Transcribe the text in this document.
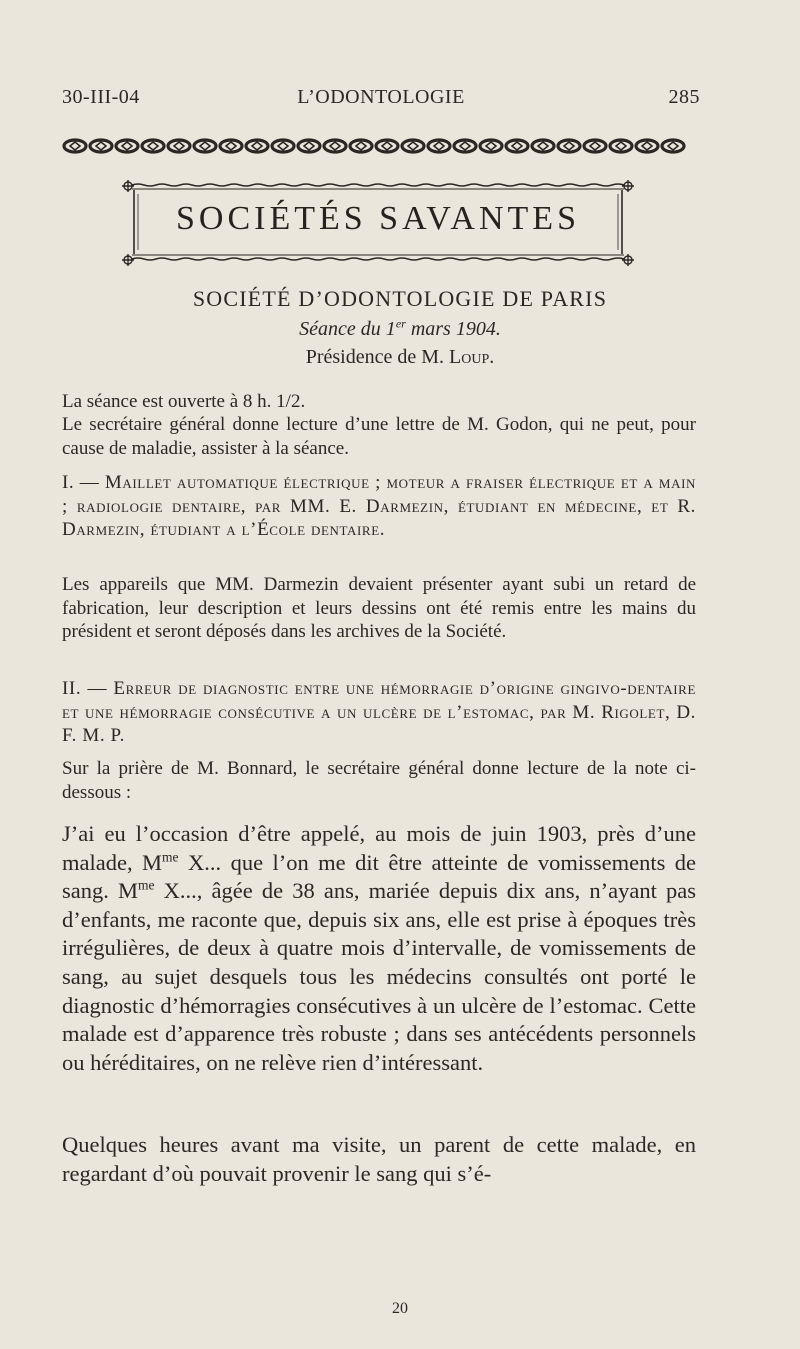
30-III-04	L’ODONTOLOGIE	285
SOCIÉTÉS SAVANTES
SOCIÉTÉ D’ODONTOLOGIE DE PARIS
Séance du 1er mars 1904.
Présidence de M. Loup.

La séance est ouverte à 8 h. 1/2.

Le secrétaire général donne lecture d’une lettre de M. Godon, qui ne peut, pour cause de maladie, assister à la séance.

I. — Maillet automatique électrique ; moteur a fraiser électrique et a main ; radiologie dentaire, par MM. E. Darmezin, étudiant en médecine, et R. Darmezin, étudiant a l’École dentaire.

Les appareils que MM. Darmezin devaient présenter ayant subi un retard de fabrication, leur description et leurs dessins ont été remis entre les mains du président et seront déposés dans les archives de la Société.

II. — Erreur de diagnostic entre une hémorragie d’origine gingivo-dentaire et une hémorragie consécutive a un ulcère de l’estomac, par M. Rigolet, D. F. M. P.

Sur la prière de M. Bonnard, le secrétaire général donne lecture de la note ci-dessous :

J’ai eu l’occasion d’être appelé, au mois de juin 1903, près d’une malade, $M^{me}$ X... que l’on me dit être atteinte de vomissements de sang. $M^{me}$ X..., âgée de 38 ans, mariée depuis dix ans, n’ayant pas d’enfants, me raconte que, depuis six ans, elle est prise à époques très irrégulières, de deux à quatre mois d’intervalle, de vomissements de sang, au sujet desquels tous les médecins consultés ont porté le diagnostic d’hémorragies consécutives à un ulcère de l’estomac. Cette malade est d’apparence très robuste ; dans ses antécédents personnels ou héréditaires, on ne relève rien d’intéressant.

Quelques heures avant ma visite, un parent de cette malade, en regardant d’où pouvait provenir le sang qui s’é-

20
